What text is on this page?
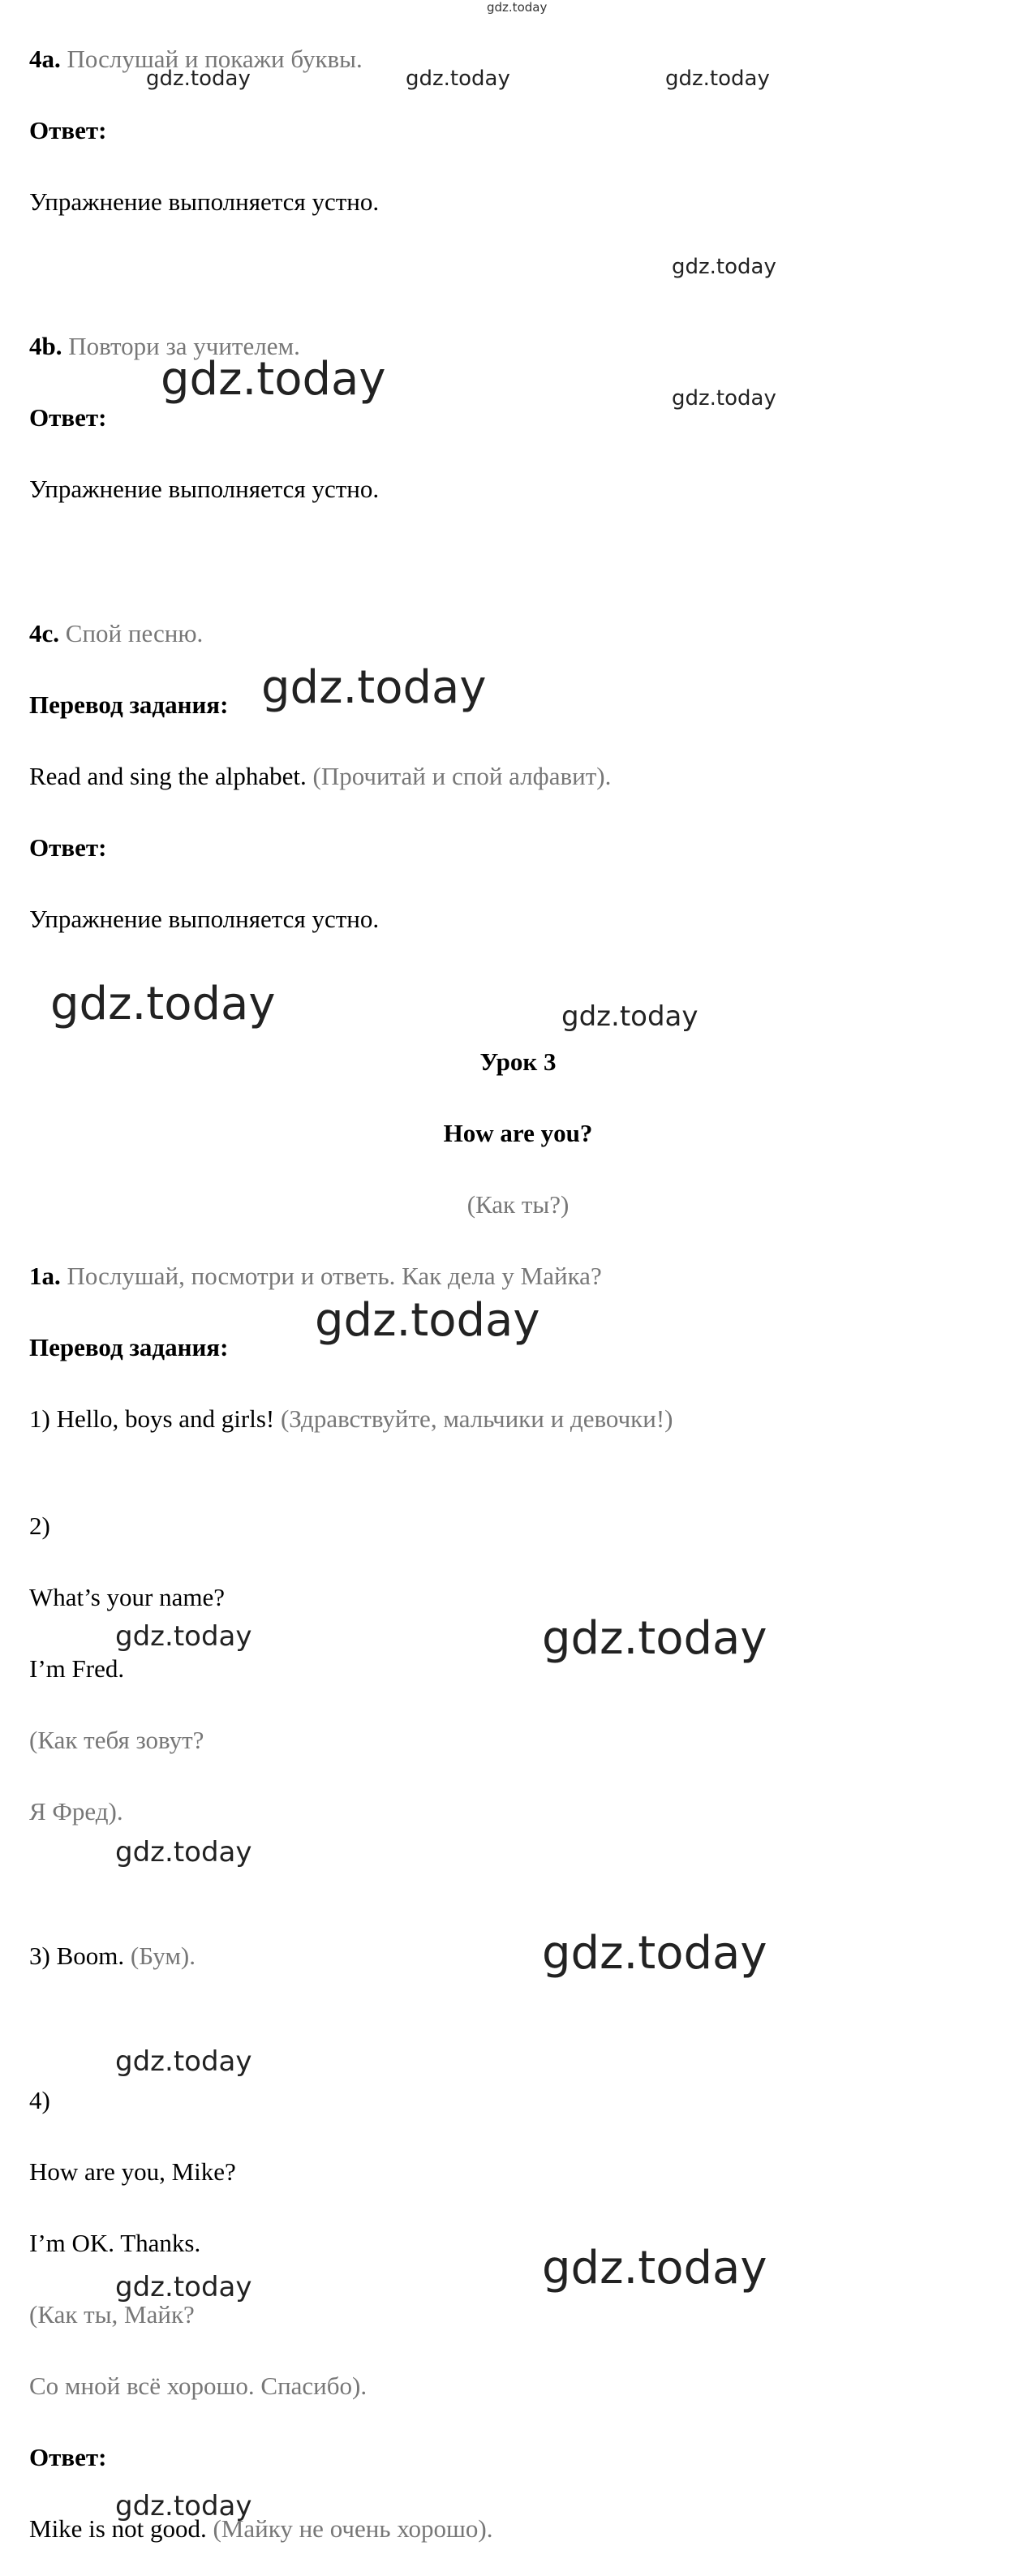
gdz.today
gdz.today	gdz.today	gdz.today
gdz.today
gdz.today	gdz.today
gdz.today
gdz.today	gdz.today
gdz.today
gdz.today	gdz.today
gdz.today
gdz.today
gdz.today
gdz.today	gdz.today
gdz.today
4a. Послушай и покажи буквы.
Ответ:
Упражнение выполняется устно.
4b. Повтори за учителем.
Ответ:
Упражнение выполняется устно.
4c. Спой песню.
Перевод задания:
Read and sing the alphabet. (Прочитай и спой алфавит).
Ответ:
Упражнение выполняется устно.
Урок 3
How are you?
(Как ты?)
1a. Послушай, посмотри и ответь. Как дела у Майка?
Перевод задания:
1) Hello, boys and girls! (Здравствуйте, мальчики и девочки!)
2)
What’s your name?
I’m Fred.
(Как тебя зовут?
Я Фред).
3) Boom. (Бум).
4)
How are you, Mike?
I’m OK. Thanks.
(Как ты, Майк?
Со мной всё хорошо. Спасибо).
Ответ:
Mike is not good. (Майку не очень хорошо).
